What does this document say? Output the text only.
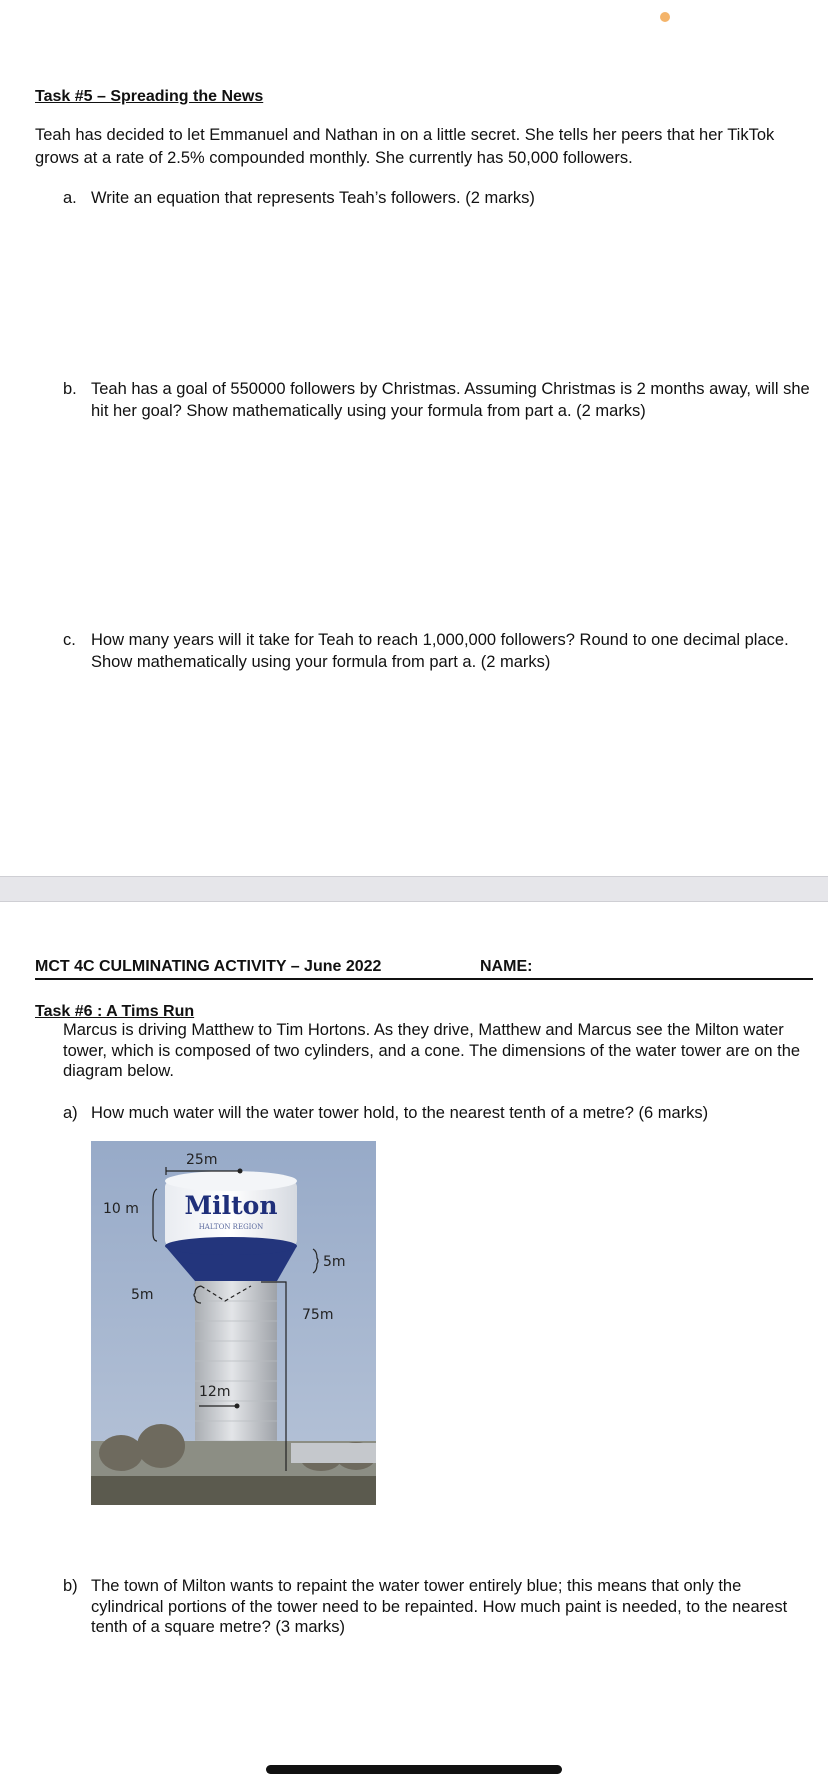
Task #5 – Spreading the News
Teah has decided to let Emmanuel and Nathan in on a little secret. She tells her peers that her TikTok grows at a rate of 2.5% compounded monthly. She currently has 50,000 followers.
a. Write an equation that represents Teah’s followers. (2 marks)
b. Teah has a goal of 550000 followers by Christmas. Assuming Christmas is 2 months away, will she hit her goal? Show mathematically using your formula from part a. (2 marks)
c. How many years will it take for Teah to reach 1,000,000 followers? Round to one decimal place. Show mathematically using your formula from part a. (2 marks)
MCT 4C CULMINATING ACTIVITY – June 2022	NAME:
Task #6 : A Tims Run
Marcus is driving Matthew to Tim Hortons. As they drive, Matthew and Marcus see the Milton water tower, which is composed of two cylinders, and a cone. The dimensions of the water tower are on the diagram below.
a) How much water will the water tower hold, to the nearest tenth of a metre? (6 marks)
Milton
HALTON REGION
25m
10 m
5m
5m
75m
12m
b) The town of Milton wants to repaint the water tower entirely blue; this means that only the cylindrical portions of the tower need to be repainted. How much paint is needed, to the nearest tenth of a square metre? (3 marks)
